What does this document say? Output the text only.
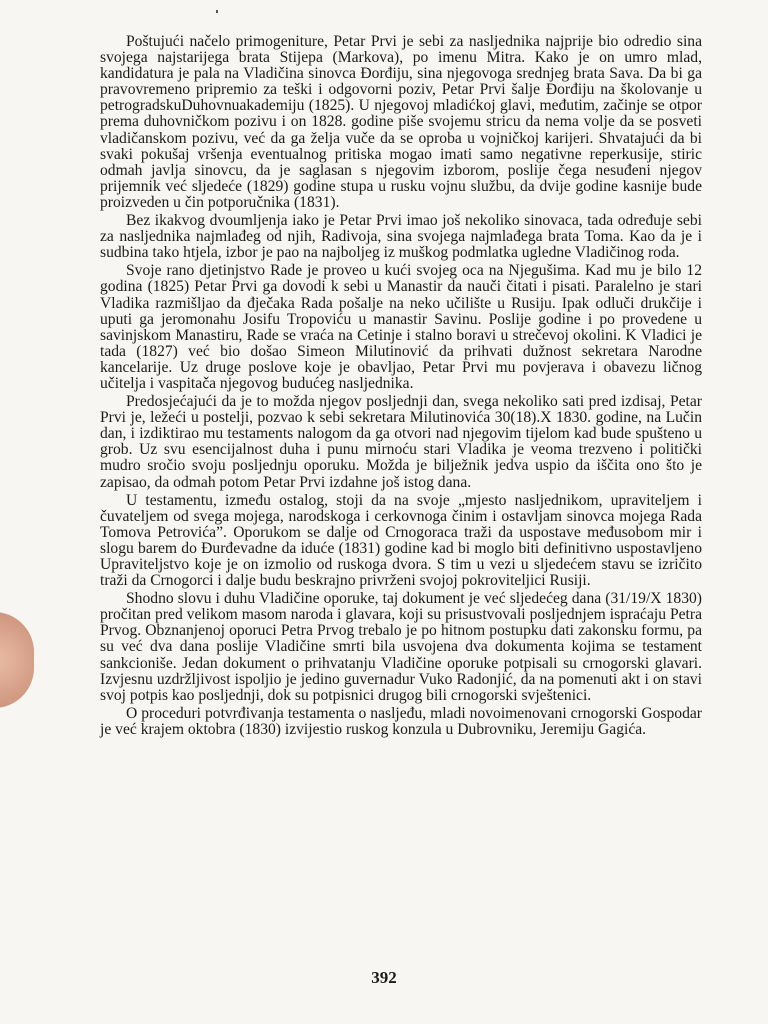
Poštujući načelo primogeniture, Petar Prvi je sebi za nasljednika najprije bio odredio sina svojega najstarijega brata Stijepa (Markova), po imenu Mitra. Kako je on umro mlad, kandidatura je pala na Vladičina sinovca Đorđiju, sina njegovoga srednjeg brata Sava. Da bi ga pravovremeno pripremio za teški i odgovorni poziv, Petar Prvi šalje Đorđiju na školovanje u petrogradskuDuhovnuakademiju (1825). U njegovoj mladićkoj glavi, međutim, začinje se otpor prema duhovničkom pozivu i on 1828. godine piše svojemu stricu da nema volje da se posveti vladičanskom pozivu, već da ga želja vuče da se oproba u vojničkoj karijeri. Shvatajući da bi svaki pokušaj vršenja eventualnog pritiska mogao imati samo negativne reperkusije, stiric odmah javlja sinovcu, da je saglasan s njegovim izborom, poslije čega nesuđeni njegov prijemnik već sljedeće (1829) godine stupa u rusku vojnu službu, da dvije godine kasnije bude proizveden u čin potporučnika (1831).

Bez ikakvog dvoumljenja iako je Petar Prvi imao još nekoliko sinovaca, tada određuje sebi za nasljednika najmlađeg od njih, Radivoja, sina svojega najmlađega brata Toma. Kao da je i sudbina tako htjela, izbor je pao na najbolјeg iz muškog podmlatka ugledne Vladičinog roda.

Svoje rano djetinjstvo Rade je proveo u kući svojeg oca na Njegušima. Kad mu je bilo 12 godina (1825) Petar Prvi ga dovodi k sebi u Manastir da nauči čitati i pisati. Paralelno je stari Vladika razmišljao da đječaka Rada pošalje na neko učilište u Rusiju. Ipak odluči drukčije i uputi ga jeromonahu Josifu Tropoviću u manastir Savinu. Poslije godine i po provedene u savinjskom Manastiru, Rade se vraća na Cetinje i stalno boravi u strečevoj okolini. K Vladici je tada (1827) već bio došao Simeon Milutinović da prihvati dužnost sekretara Narodne kancelarije. Uz druge poslove koje je obavljao, Petar Prvi mu povjerava i obavezu ličnog učitelja i vaspitača njegovog budućeg nasljednika.

Predosjećajući da je to možda njegov posljednji dan, svega nekoliko sati pred izdisaj, Petar Prvi je, ležeći u postelji, pozvao k sebi sekretara Milutinovića 30(18).X 1830. godine, na Lučin dan, i izdiktirao mu testaments nalogom da ga otvori nad njegovim tijelom kad bude spušteno u grob. Uz svu esencijalnost duha i punu mirnoću stari Vladika je veoma trezveno i politički mudro sročio svoju posljednju oporuku. Možda je bilježnik jedva uspio da iščita ono što je zapisao, da odmah potom Petar Prvi izdahne još istog dana.

U testamentu, između ostalog, stoji da na svoje „mjesto nasljednikom, upraviteljem i čuvateljem od svega mojega, narodskoga i cerkovnoga činim i ostavljam sinovca mojega Rada Tomova Petrovića”. Oporukom se dalje od Crnogoraca traži da uspostave međusobom mir i slogu barem do Đurđevadne da iduće (1831) godine kad bi moglo biti definitivno uspostavljeno Upraviteljstvo koje je on izmolio od ruskoga dvora. S tim u vezi u sljedećem stavu se izričito traži da Crnogorci i dalje budu beskrajno privrženi svojoj pokroviteljici Rusiji.

Shodno slovu i duhu Vladičine oporuke, taj dokument je već sljedećeg dana (31/19/X 1830) pročitan pred velikom masom naroda i glavara, koji su prisustvovali posljednjem ispraćaju Petra Prvog. Obznanjenoj oporuci Petra Prvog trebalo je po hitnom postupku dati zakonsku formu, pa su već dva dana poslije Vladičine smrti bila usvojena dva dokumenta kojima se testament sankcioniše. Jedan dokument o prihvatanju Vladičine oporuke potpisali su crnogorski glavari. Izvjesnu uzdržljivost ispoljio je jedino guvernadur Vuko Radonjić, da na pomenuti akt i on stavi svoj potpis kao posljednji, dok su potpisnici drugog bili crnogorski svještenici.

O proceduri potvrđivanja testamenta o nasljeđu, mladi novoimenovani crnogorski Gospodar je već krajem oktobra (1830) izvijestio ruskog konzula u Dubrovniku, Jeremiju Gagića.

392
